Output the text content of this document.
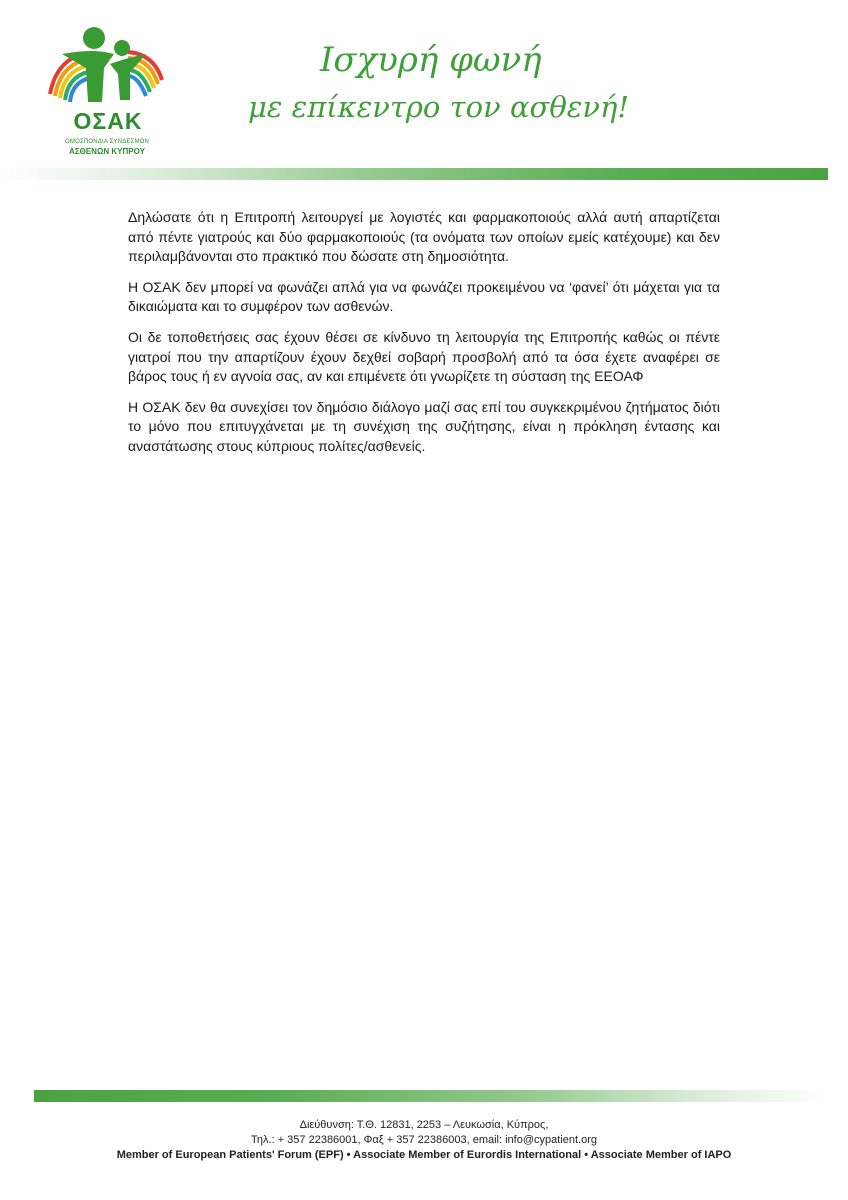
ΟΣΑΚ
ΟΜΟΣΠΟΝΔΙΑ ΣΥΝΔΕΣΜΩΝ
ΑΣΘΕΝΩΝ ΚΥΠΡΟΥ
Ισχυρή φωνή
με επίκεντρο τον ασθενή!

Δηλώσατε ότι η Επιτροπή λειτουργεί με λογιστές και φαρμακοποιούς αλλά αυτή απαρτίζεται από πέντε γιατρούς και δύο φαρμακοποιούς (τα ονόματα των οποίων εμείς κατέχουμε) και δεν περιλαμβάνονται στο πρακτικό που δώσατε στη δημοσιότητα.

Η ΟΣΑΚ δεν μπορεί να φωνάζει απλά για να φωνάζει προκειμένου να ‘φανεί’ ότι μάχεται για τα δικαιώματα και το συμφέρον των ασθενών.

Οι δε τοποθετήσεις σας έχουν θέσει σε κίνδυνο τη λειτουργία της Επιτροπής καθώς οι πέντε γιατροί που την απαρτίζουν έχουν δεχθεί σοβαρή προσβολή από τα όσα έχετε αναφέρει σε βάρος τους ή εν αγνοία σας, αν και επιμένετε ότι γνωρίζετε τη σύσταση της ΕΕΟΑΦ

Η ΟΣΑΚ δεν θα συνεχίσει τον δημόσιο διάλογο μαζί σας επί του συγκεκριμένου ζητήματος διότι το μόνο που επιτυγχάνεται με τη συνέχιση της συζήτησης, είναι η πρόκληση έντασης και αναστάτωσης στους κύπριους πολίτες/ασθενείς.

Διεύθυνση: Τ.Θ. 12831, 2253 – Λευκωσία, Κύπρος,
Τηλ.: + 357 22386001, Φαξ + 357 22386003, email: info@cypatient.org
Member of European Patients' Forum (EPF) • Associate Member of Eurordis International • Associate Member of IAPO
